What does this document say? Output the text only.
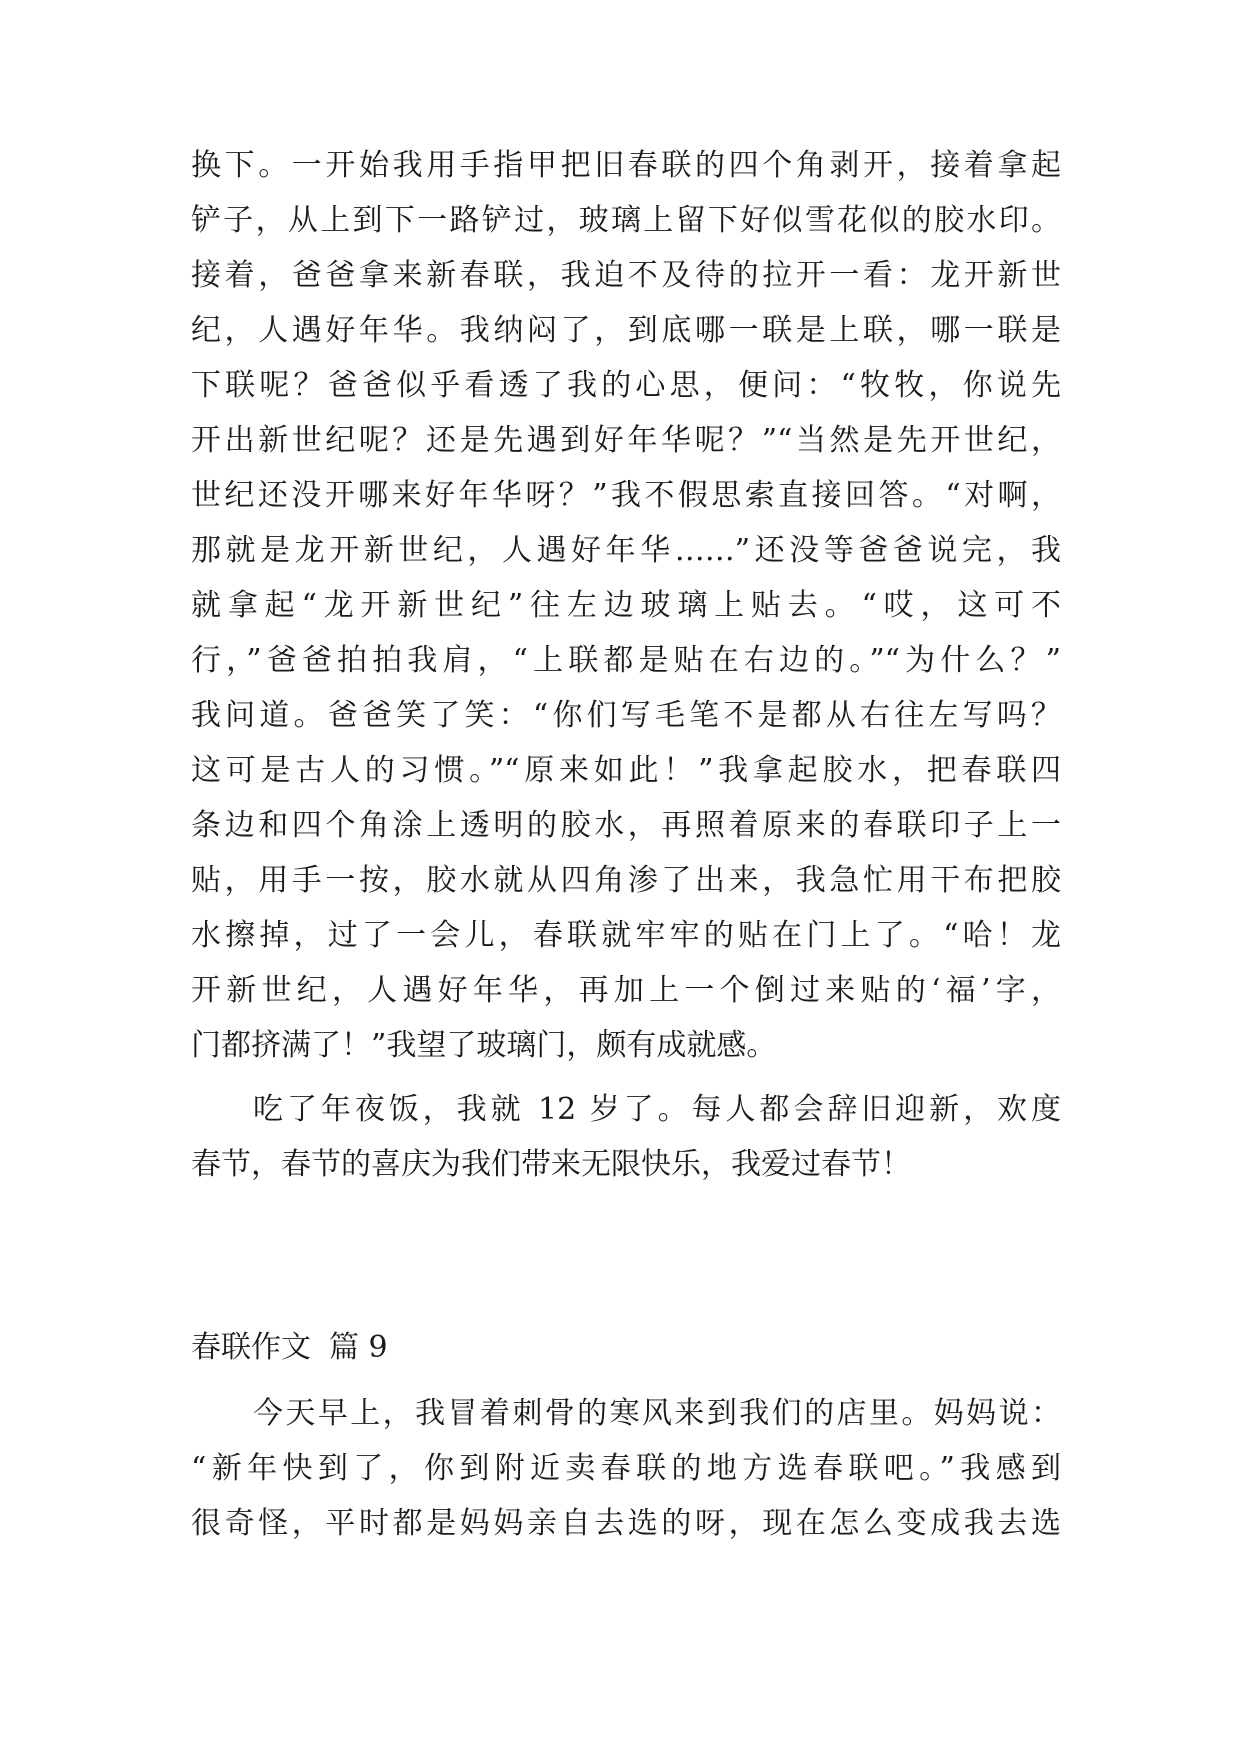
换下。一开始我用手指甲把旧春联的四个角剥开，接着拿起
铲子，从上到下一路铲过，玻璃上留下好似雪花似的胶水印。
接着，爸爸拿来新春联，我迫不及待的拉开一看：龙开新世
纪，人遇好年华。我纳闷了，到底哪一联是上联，哪一联是
下联呢？爸爸似乎看透了我的心思，便问：“牧牧，你说先
开出新世纪呢？还是先遇到好年华呢？”“当然是先开世纪，
世纪还没开哪来好年华呀？”我不假思索直接回答。“对啊，
那就是龙开新世纪，人遇好年华……”还没等爸爸说完，我
就拿起“龙开新世纪”往左边玻璃上贴去。“哎，这可不
行，”爸爸拍拍我肩，“上联都是贴在右边的。”“为什么？”
我问道。爸爸笑了笑：“你们写毛笔不是都从右往左写吗？
这可是古人的习惯。”“原来如此！”我拿起胶水，把春联四
条边和四个角涂上透明的胶水，再照着原来的春联印子上一
贴，用手一按，胶水就从四角渗了出来，我急忙用干布把胶
水擦掉，过了一会儿，春联就牢牢的贴在门上了。“哈！龙
开新世纪，人遇好年华，再加上一个倒过来贴的‘福’字，
门都挤满了！”我望了玻璃门，颇有成就感。
吃了年夜饭，我就 12 岁了。每人都会辞旧迎新，欢度
春节，春节的喜庆为我们带来无限快乐，我爱过春节！
春联作文 篇 9
今天早上，我冒着刺骨的寒风来到我们的店里。妈妈说：
“新年快到了，你到附近卖春联的地方选春联吧。”我感到
很奇怪，平时都是妈妈亲自去选的呀，现在怎么变成我去选
